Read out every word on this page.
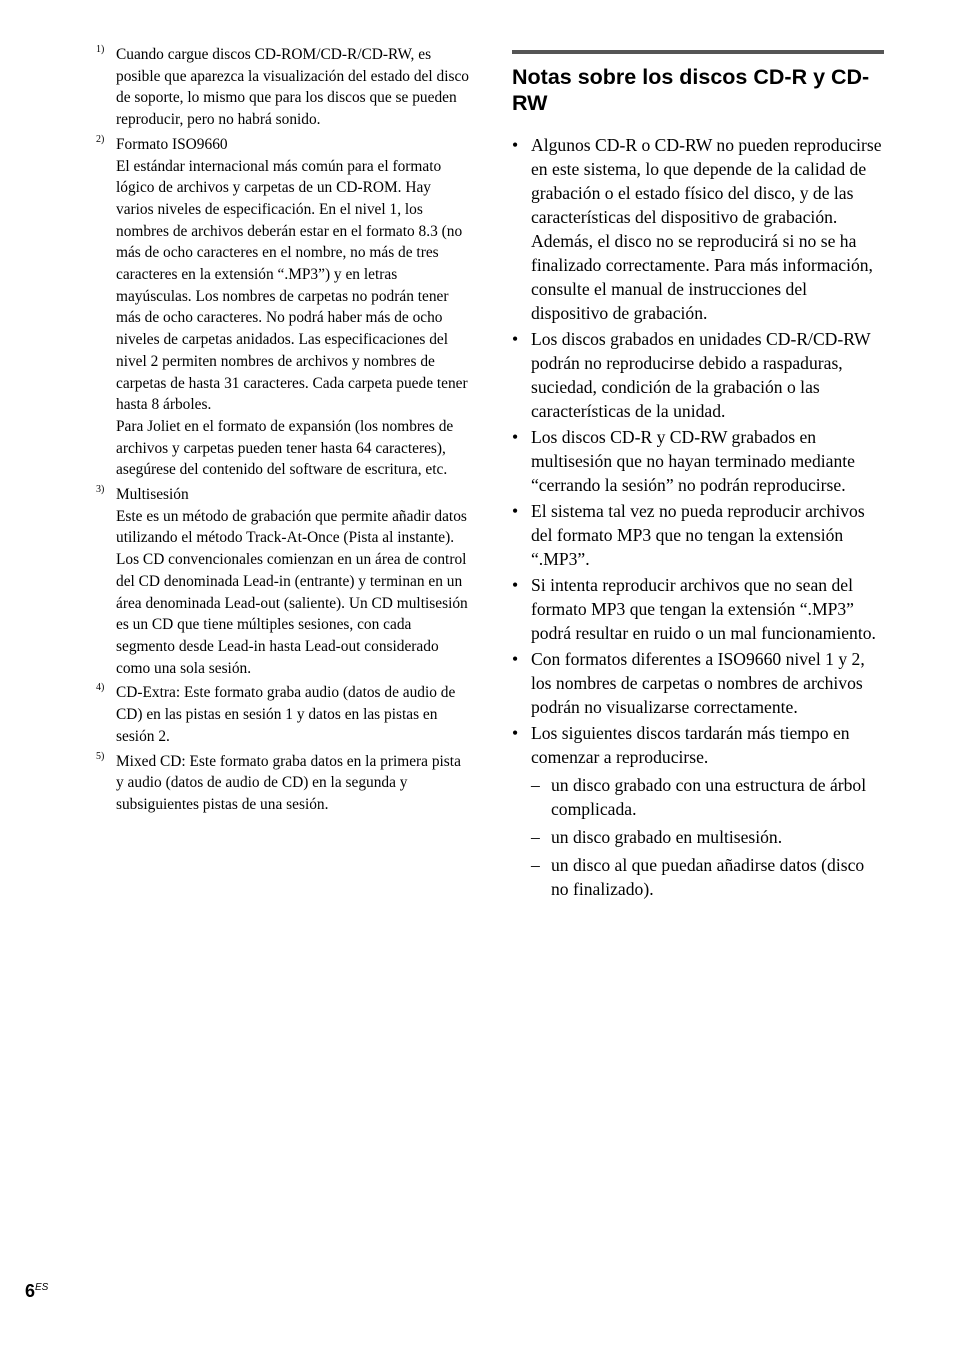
1) Cuando cargue discos CD-ROM/CD-R/CD-RW, es posible que aparezca la visualización del estado del disco de soporte, lo mismo que para los discos que se pueden reproducir, pero no habrá sonido.

2) Formato ISO9660

El estándar internacional más común para el formato lógico de archivos y carpetas de un CD-ROM. Hay varios niveles de especificación. En el nivel 1, los nombres de archivos deberán estar en el formato 8.3 (no más de ocho caracteres en el nombre, no más de tres caracteres en la extensión “.MP3”) y en letras mayúsculas. Los nombres de carpetas no podrán tener más de ocho caracteres. No podrá haber más de ocho niveles de carpetas anidados. Las especificaciones del nivel 2 permiten nombres de archivos y nombres de carpetas de hasta 31 caracteres. Cada carpeta puede tener hasta 8 árboles.

Para Joliet en el formato de expansión (los nombres de archivos y carpetas pueden tener hasta 64 caracteres), asegúrese del contenido del software de escritura, etc.

3) Multisesión

Este es un método de grabación que permite añadir datos utilizando el método Track-At-Once (Pista al instante).

Los CD convencionales comienzan en un área de control del CD denominada Lead-in (entrante) y terminan en un área denominada Lead-out (saliente). Un CD multisesión es un CD que tiene múltiples sesiones, con cada segmento desde Lead-in hasta Lead-out considerado como una sola sesión.

4) CD-Extra: Este formato graba audio (datos de audio de CD) en las pistas en sesión 1 y datos en las pistas en sesión 2.

5) Mixed CD: Este formato graba datos en la primera pista y audio (datos de audio de CD) en la segunda y subsiguientes pistas de una sesión.

Notas sobre los discos CD-R y CD-RW
• Algunos CD-R o CD-RW no pueden reproducirse en este sistema, lo que depende de la calidad de grabación o el estado físico del disco, y de las características del dispositivo de grabación. Además, el disco no se reproducirá si no se ha finalizado correctamente. Para más información, consulte el manual de instrucciones del dispositivo de grabación.
• Los discos grabados en unidades CD-R/CD-RW podrán no reproducirse debido a raspaduras, suciedad, condición de la grabación o las características de la unidad.
• Los discos CD-R y CD-RW grabados en multisesión que no hayan terminado mediante “cerrando la sesión” no podrán reproducirse.
• El sistema tal vez no pueda reproducir archivos del formato MP3 que no tengan la extensión “.MP3”.
• Si intenta reproducir archivos que no sean del formato MP3 que tengan la extensión “.MP3” podrá resultar en ruido o un mal funcionamiento.
• Con formatos diferentes a ISO9660 nivel 1 y 2, los nombres de carpetas o nombres de archivos podrán no visualizarse correctamente.
• Los siguientes discos tardarán más tiempo en comenzar a reproducirse.
– un disco grabado con una estructura de árbol complicada.
– un disco grabado en multisesión.
– un disco al que puedan añadirse datos (disco no finalizado).
$6^{ES}$
